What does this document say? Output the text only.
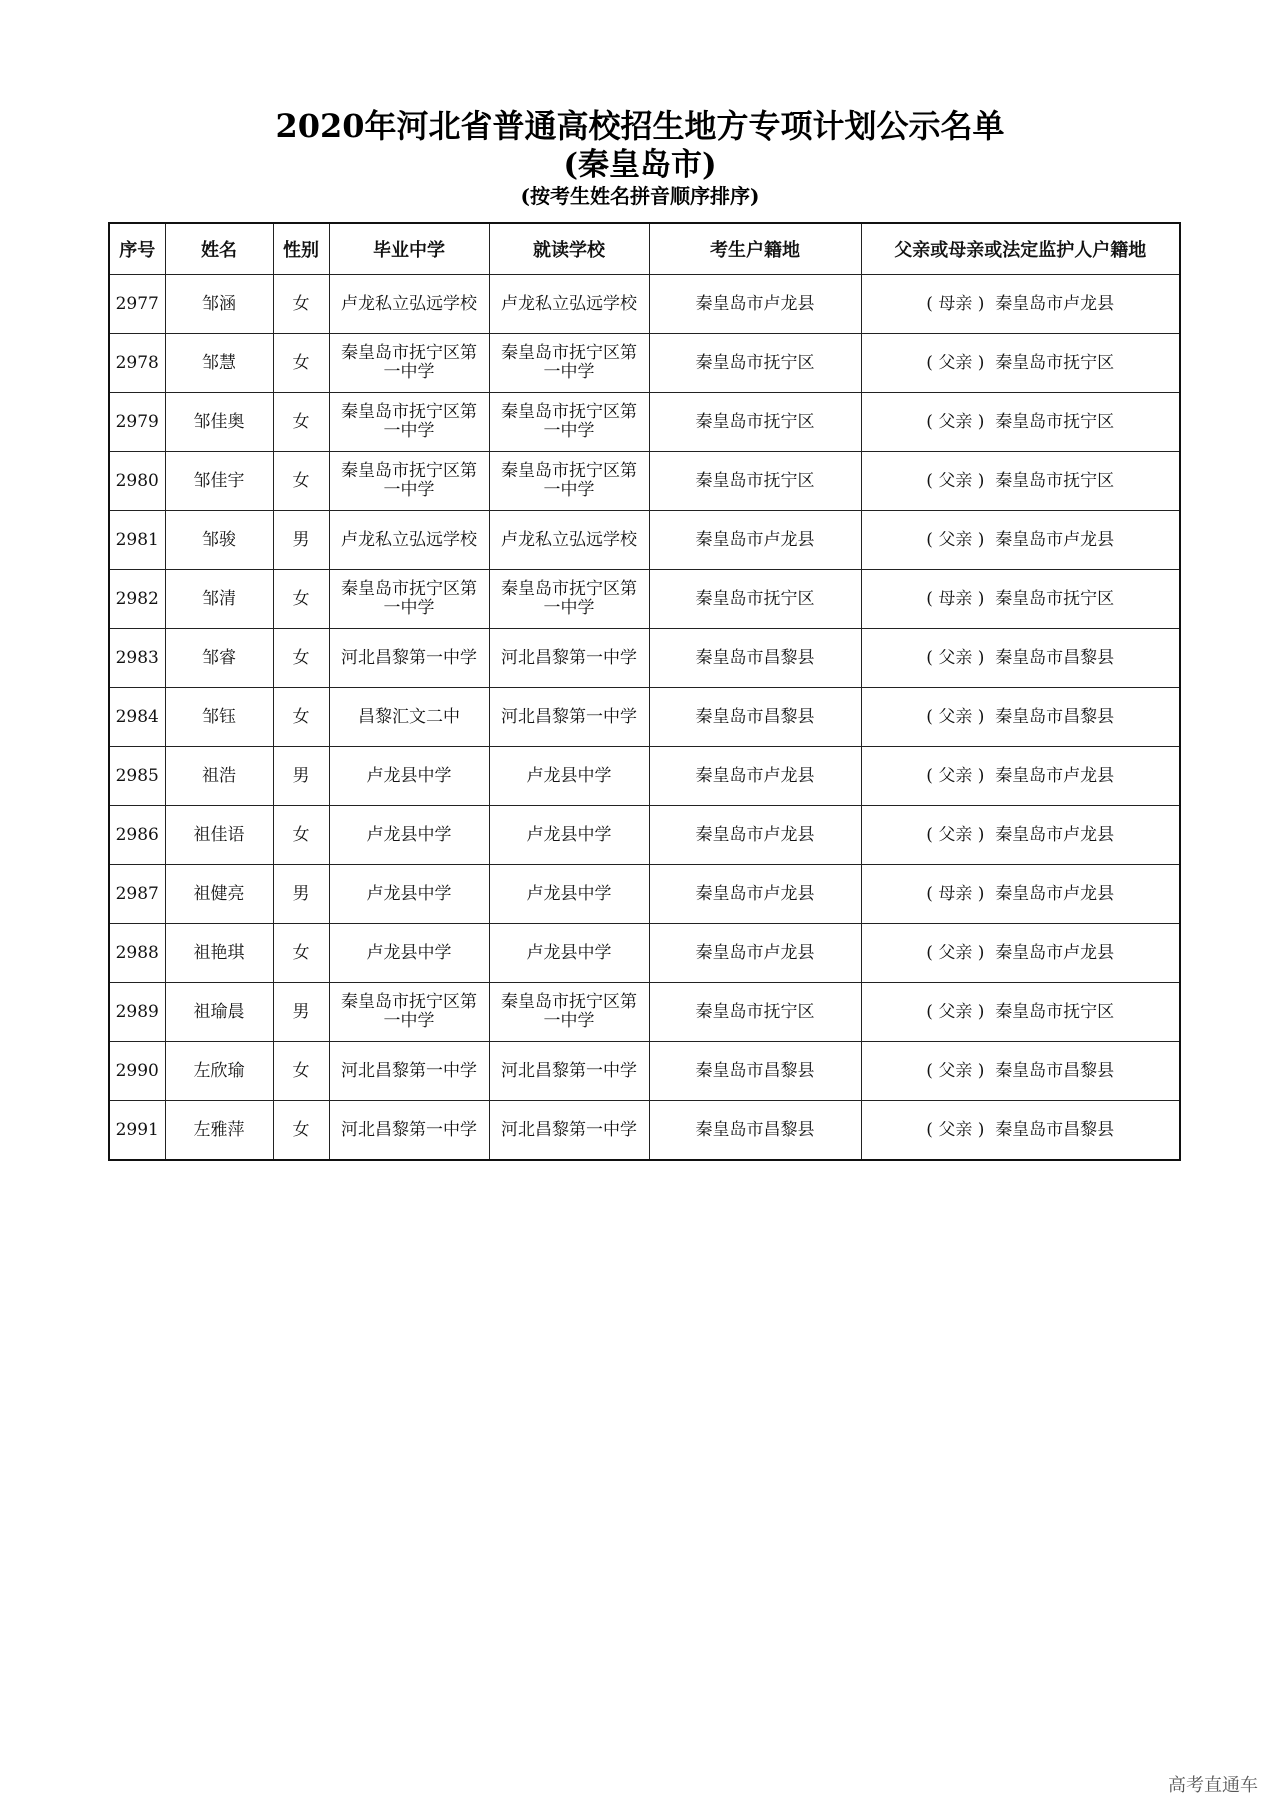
2020年河北省普通高校招生地方专项计划公示名单
(秦皇岛市)
(按考生姓名拼音顺序排序)
序号	姓名	性别	毕业中学	就读学校	考生户籍地	父亲或母亲或法定监护人户籍地
2977	邹涵	女	卢龙私立弘远学校	卢龙私立弘远学校	秦皇岛市卢龙县	( 母亲 )  秦皇岛市卢龙县
2978	邹慧	女	秦皇岛市抚宁区第一中学	秦皇岛市抚宁区第一中学	秦皇岛市抚宁区	( 父亲 )  秦皇岛市抚宁区
2979	邹佳奥	女	秦皇岛市抚宁区第一中学	秦皇岛市抚宁区第一中学	秦皇岛市抚宁区	( 父亲 )  秦皇岛市抚宁区
2980	邹佳宇	女	秦皇岛市抚宁区第一中学	秦皇岛市抚宁区第一中学	秦皇岛市抚宁区	( 父亲 )  秦皇岛市抚宁区
2981	邹骏	男	卢龙私立弘远学校	卢龙私立弘远学校	秦皇岛市卢龙县	( 父亲 )  秦皇岛市卢龙县
2982	邹清	女	秦皇岛市抚宁区第一中学	秦皇岛市抚宁区第一中学	秦皇岛市抚宁区	( 母亲 )  秦皇岛市抚宁区
2983	邹睿	女	河北昌黎第一中学	河北昌黎第一中学	秦皇岛市昌黎县	( 父亲 )  秦皇岛市昌黎县
2984	邹钰	女	昌黎汇文二中	河北昌黎第一中学	秦皇岛市昌黎县	( 父亲 )  秦皇岛市昌黎县
2985	祖浩	男	卢龙县中学	卢龙县中学	秦皇岛市卢龙县	( 父亲 )  秦皇岛市卢龙县
2986	祖佳语	女	卢龙县中学	卢龙县中学	秦皇岛市卢龙县	( 父亲 )  秦皇岛市卢龙县
2987	祖健亮	男	卢龙县中学	卢龙县中学	秦皇岛市卢龙县	( 母亲 )  秦皇岛市卢龙县
2988	祖艳琪	女	卢龙县中学	卢龙县中学	秦皇岛市卢龙县	( 父亲 )  秦皇岛市卢龙县
2989	祖瑜晨	男	秦皇岛市抚宁区第一中学	秦皇岛市抚宁区第一中学	秦皇岛市抚宁区	( 父亲 )  秦皇岛市抚宁区
2990	左欣瑜	女	河北昌黎第一中学	河北昌黎第一中学	秦皇岛市昌黎县	( 父亲 )  秦皇岛市昌黎县
2991	左雅萍	女	河北昌黎第一中学	河北昌黎第一中学	秦皇岛市昌黎县	( 父亲 )  秦皇岛市昌黎县
高考直通车
